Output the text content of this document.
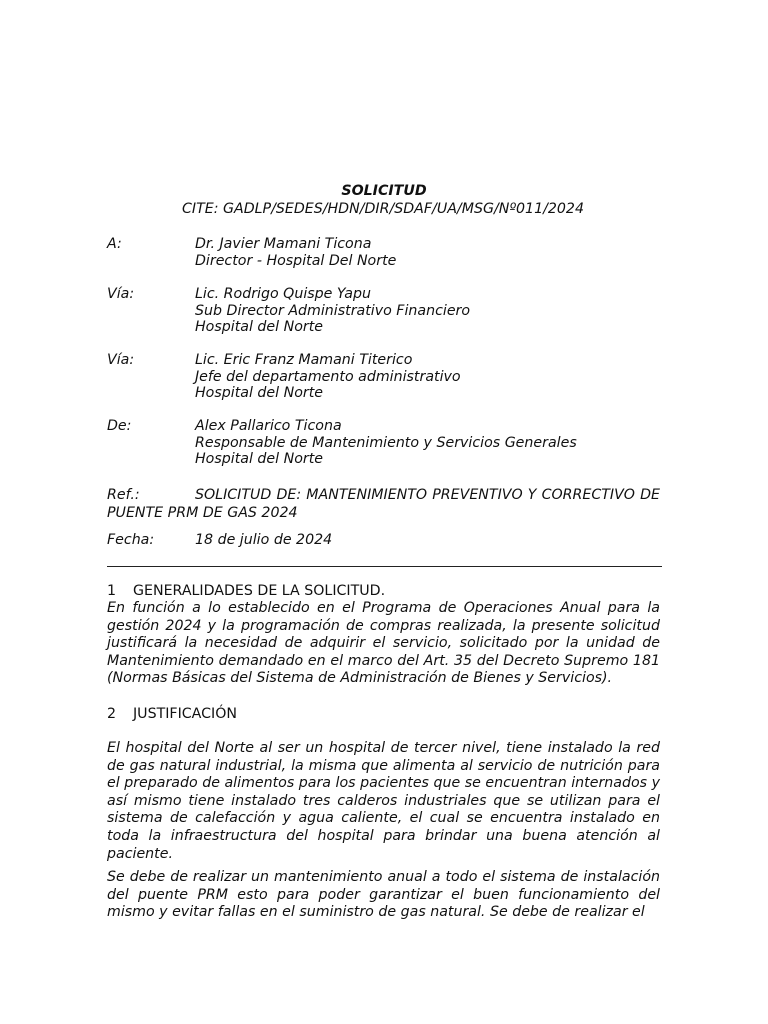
SOLICITUD
CITE: GADLP/SEDES/HDN/DIR/SDAF/UA/MSG/Nº011/2024
A:	Dr. Javier Mamani Ticona
Director - Hospital Del Norte
Vía:	Lic. Rodrigo Quispe Yapu
Sub Director Administrativo Financiero
Hospital del Norte
Vía:	Lic. Eric Franz Mamani Titerico
Jefe del departamento administrativo
Hospital del Norte
De:	Alex Pallarico Ticona
Responsable de Mantenimiento y Servicios Generales
Hospital del Norte
Ref.:	SOLICITUD DE: MANTENIMIENTO PREVENTIVO Y CORRECTIVO DE PUENTE PRM DE GAS 2024
Fecha:	18 de julio de 2024
1 GENERALIDADES DE LA SOLICITUD.
En función a lo establecido en el Programa de Operaciones Anual para la gestión 2024 y la programación de compras realizada, la presente solicitud justificará la necesidad de adquirir el servicio, solicitado por la unidad de Mantenimiento demandado en el marco del Art. 35 del Decreto Supremo 181 (Normas Básicas del Sistema de Administración de Bienes y Servicios).
2 JUSTIFICACIÓN
El hospital del Norte al ser un hospital de tercer nivel, tiene instalado la red de gas natural industrial, la misma que alimenta al servicio de nutrición para el preparado de alimentos para los pacientes que se encuentran internados y así mismo tiene instalado tres calderos industriales que se utilizan para el sistema de calefacción y agua caliente, el cual se encuentra instalado en toda la infraestructura del hospital para brindar una buena atención al paciente.
Se debe de realizar un mantenimiento anual a todo el sistema de instalación del puente PRM esto para poder garantizar el buen funcionamiento del mismo y evitar fallas en el suministro de gas natural. Se debe de realizar el
